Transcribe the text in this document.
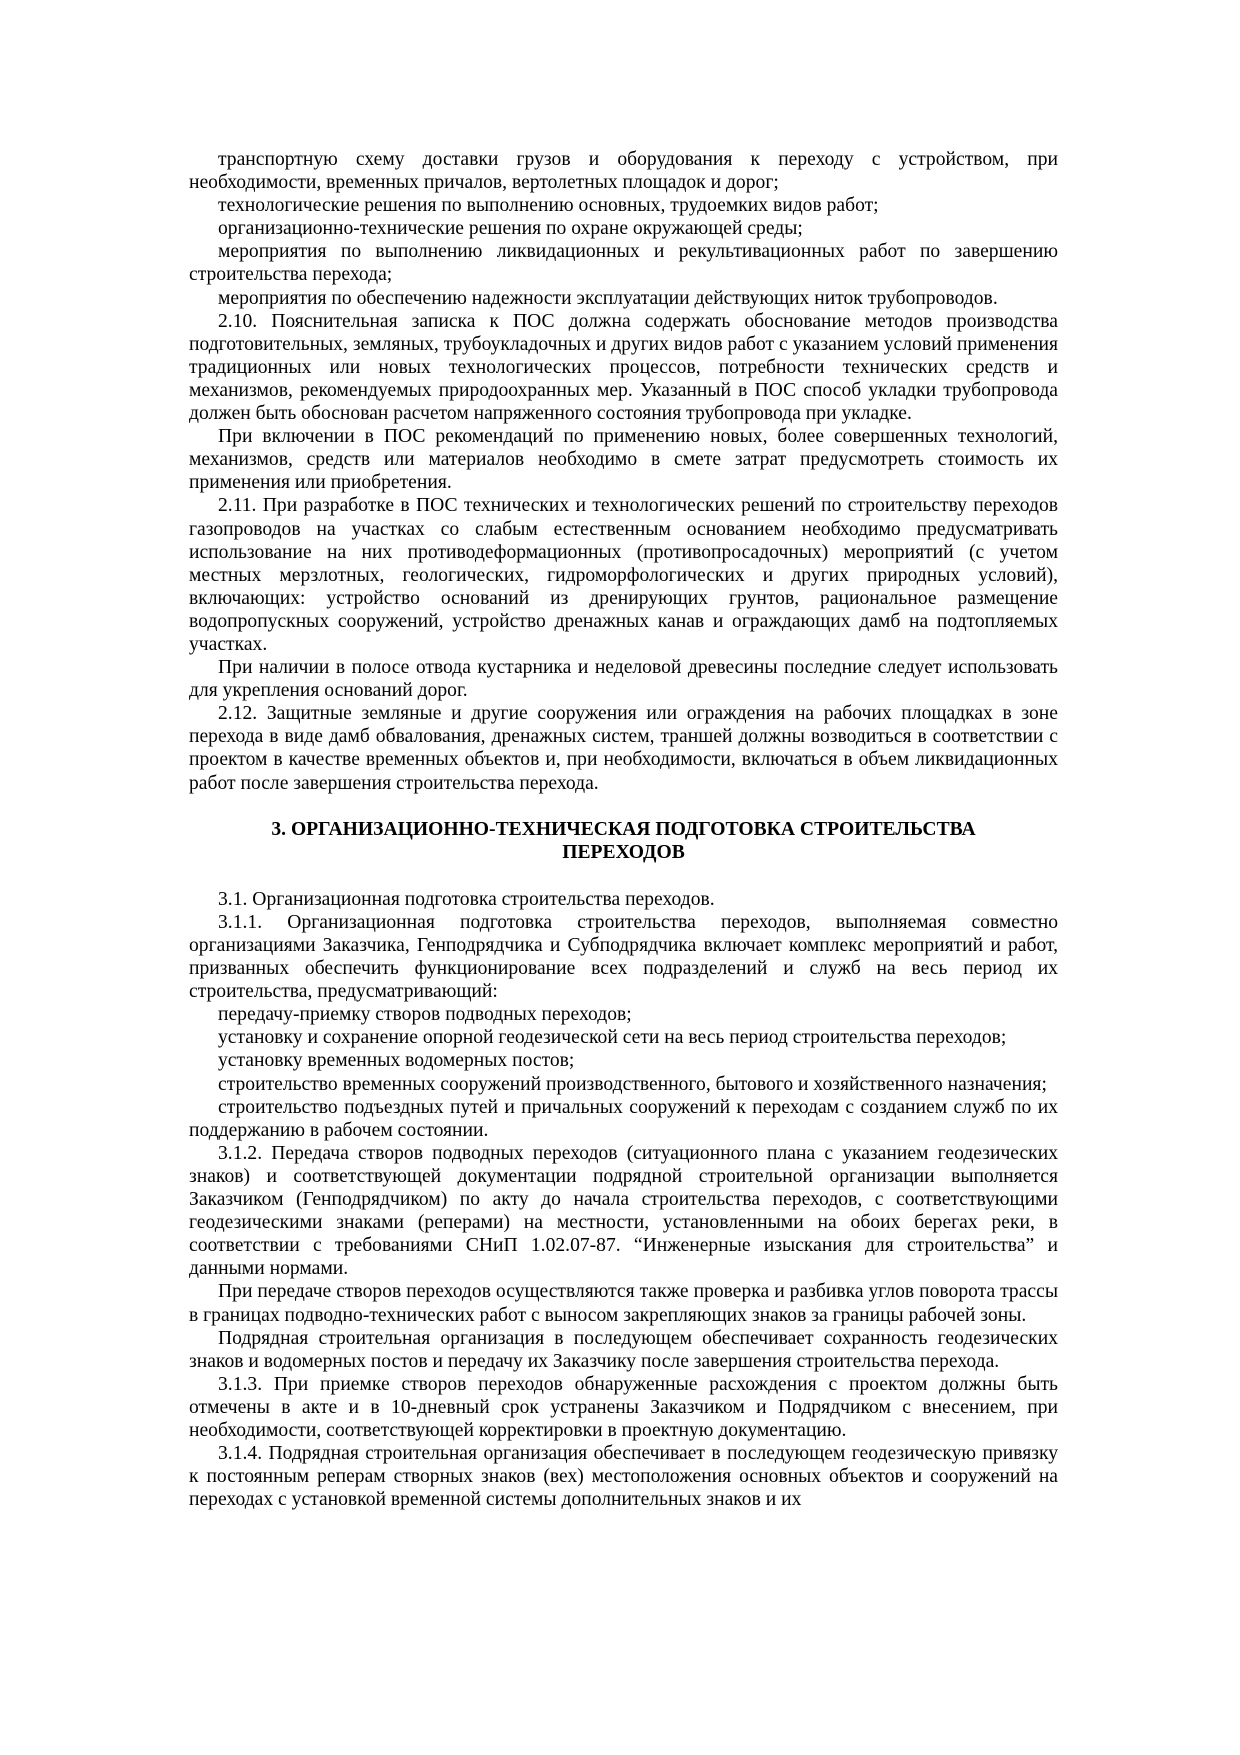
транспортную схему доставки грузов и оборудования к переходу с устройством, при необходимости, временных причалов, вертолетных площадок и дорог;

технологические решения по выполнению основных, трудоемких видов работ;

организационно-технические решения по охране окружающей среды;

мероприятия по выполнению ликвидационных и рекультивационных работ по завершению строительства перехода;

мероприятия по обеспечению надежности эксплуатации действующих ниток трубопроводов.

2.10. Пояснительная записка к ПОС должна содержать обоснование методов производства подготовительных, земляных, трубоукладочных и других видов работ с указанием условий применения традиционных или новых технологических процессов, потребности технических средств и механизмов, рекомендуемых природоохранных мер. Указанный в ПОС способ укладки трубопровода должен быть обоснован расчетом напряженного состояния трубопровода при укладке.

При включении в ПОС рекомендаций по применению новых, более совершенных технологий, механизмов, средств или материалов необходимо в смете затрат предусмотреть стоимость их применения или приобретения.

2.11. При разработке в ПОС технических и технологических решений по строительству переходов газопроводов на участках со слабым естественным основанием необходимо предусматривать использование на них противодеформационных (противопросадочных) мероприятий (с учетом местных мерзлотных, геологических, гидроморфологических и других природных условий), включающих: устройство оснований из дренирующих грунтов, рациональное размещение водопропускных сооружений, устройство дренажных канав и ограждающих дамб на подтопляемых участках.

При наличии в полосе отвода кустарника и неделовой древесины последние следует использовать для укрепления оснований дорог.

2.12. Защитные земляные и другие сооружения или ограждения на рабочих площадках в зоне перехода в виде дамб обвалования, дренажных систем, траншей должны возводиться в соответствии с проектом в качестве временных объектов и, при необходимости, включаться в объем ликвидационных работ после завершения строительства перехода.

3. ОРГАНИЗАЦИОННО-ТЕХНИЧЕСКАЯ ПОДГОТОВКА СТРОИТЕЛЬСТВА
ПЕРЕХОДОВ

3.1. Организационная подготовка строительства переходов.

3.1.1. Организационная подготовка строительства переходов, выполняемая совместно организациями Заказчика, Генподрядчика и Субподрядчика включает комплекс мероприятий и работ, призванных обеспечить функционирование всех подразделений и служб на весь период их строительства, предусматривающий:

передачу-приемку створов подводных переходов;

установку и сохранение опорной геодезической сети на весь период строительства переходов;

установку временных водомерных постов;

строительство временных сооружений производственного, бытового и хозяйственного назначения;

строительство подъездных путей и причальных сооружений к переходам с созданием служб по их поддержанию в рабочем состоянии.

3.1.2. Передача створов подводных переходов (ситуационного плана с указанием геодезических знаков) и соответствующей документации подрядной строительной организации выполняется Заказчиком (Генподрядчиком) по акту до начала строительства переходов, с соответствующими геодезическими знаками (реперами) на местности, установленными на обоих берегах реки, в соответствии с требованиями СНиП 1.02.07-87. “Инженерные изыскания для строительства” и данными нормами.

При передаче створов переходов осуществляются также проверка и разбивка углов поворота трассы в границах подводно-технических работ с выносом закрепляющих знаков за границы рабочей зоны.

Подрядная строительная организация в последующем обеспечивает сохранность геодезических знаков и водомерных постов и передачу их Заказчику после завершения строительства перехода.

3.1.3. При приемке створов переходов обнаруженные расхождения с проектом должны быть отмечены в акте и в 10-дневный срок устранены Заказчиком и Подрядчиком с внесением, при необходимости, соответствующей корректировки в проектную документацию.

3.1.4. Подрядная строительная организация обеспечивает в последующем геодезическую привязку к постоянным реперам створных знаков (вех) местоположения основных объектов и сооружений на переходах с установкой временной системы дополнительных знаков и их
